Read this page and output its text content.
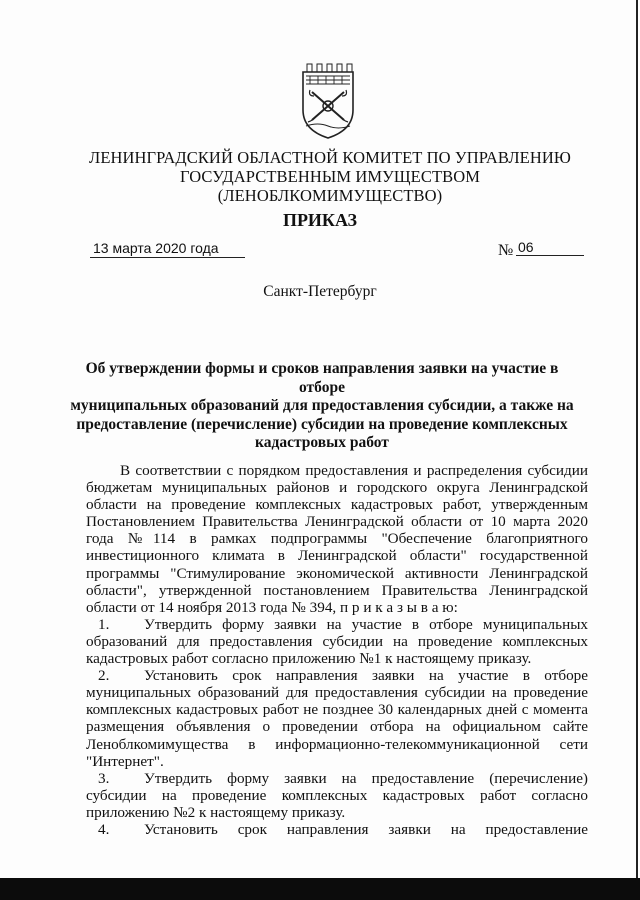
ЛЕНИНГРАДСКИЙ ОБЛАСТНОЙ КОМИТЕТ ПО УПРАВЛЕНИЮ
ГОСУДАРСТВЕННЫМ ИМУЩЕСТВОМ
(ЛЕНОБЛКОМИМУЩЕСТВО)
ПРИКАЗ
13 марта 2020 года	№ 06
Санкт-Петербург
Об утверждении формы и сроков направления заявки на участие в отборе
муниципальных образований для предоставления субсидии, а также на
предоставление (перечисление) субсидии на проведение комплексных
кадастровых работ

В соответствии с порядком предоставления и распределения субсидии бюджетам муниципальных районов и городского округа Ленинградской области на проведение комплексных кадастровых работ, утвержденным Постановлением Правительства Ленинградской области от 10 марта 2020 года №114 в рамках подпрограммы "Обеспечение благоприятного инвестиционного климата в Ленинградской области" государственной программы "Стимулирование экономической активности Ленинградской области", утвержденной постановлением Правительства Ленинградской области от 14 ноября 2013 года № 394, п р и к а з ы в а ю:

1. Утвердить форму заявки на участие в отборе муниципальных образований для предоставления субсидии на проведение комплексных кадастровых работ согласно приложению №1 к настоящему приказу.

2. Установить срок направления заявки на участие в отборе муниципальных образований для предоставления субсидии на проведение комплексных кадастровых работ не позднее 30 календарных дней с момента размещения объявления о проведении отбора на официальном сайте Леноблкомимущества в информационно-телекоммуникационной сети "Интернет".

3. Утвердить форму заявки на предоставление (перечисление) субсидии на проведение комплексных кадастровых работ согласно приложению №2 к настоящему приказу.

4. Установить срок направления заявки на предоставление
